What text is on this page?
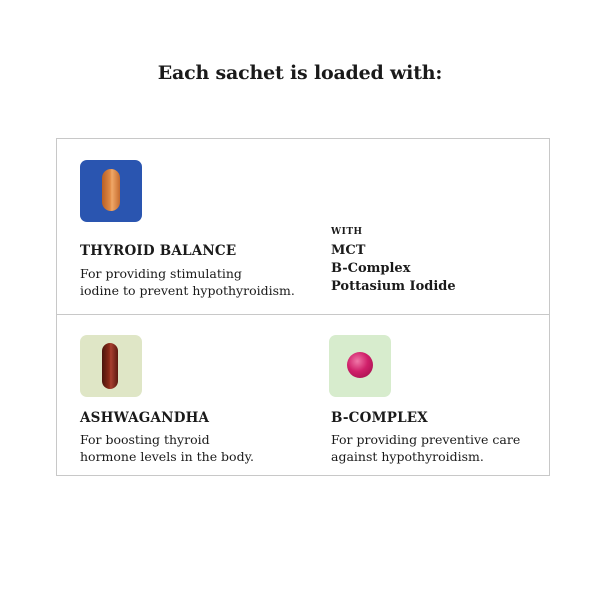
Each sachet is loaded with:
THYROID BALANCE
For providing stimulating
iodine to prevent hypothyroidism.
WITH
MCT
B-Complex
Pottasium Iodide
ASHWAGANDHA
For boosting thyroid
hormone levels in the body.
B-COMPLEX
For providing preventive care
against hypothyroidism.
